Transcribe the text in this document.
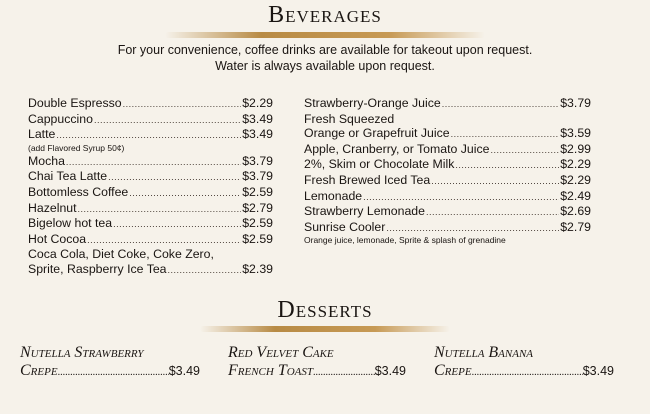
Beverages
For your convenience, coffee drinks are available for takeout upon request.
Water is always available upon request.
Double Espresso .....	$2.29
Cappuccino .....	$3.49
Latte .....	$3.49
(add Flavored Syrup 50¢)
Mocha .....	$3.79
Chai Tea Latte .....	$3.79
Bottomless Coffee .....	$2.59
Hazelnut .....	$2.79
Bigelow hot tea .....	$2.59
Hot Cocoa .....	$2.59
Coca Cola, Diet Coke, Coke Zero,
Sprite, Raspberry Ice Tea .....	$2.39
Strawberry-Orange Juice .....	$3.79
Fresh Squeezed
Orange or Grapefruit Juice .....	$3.59
Apple, Cranberry, or Tomato Juice .....	$2.99
2%, Skim or Chocolate Milk .....	$2.29
Fresh Brewed Iced Tea .....	$2.29
Lemonade .....	$2.49
Strawberry Lemonade .....	$2.69
Sunrise Cooler .....	$2.79
Orange juice, lemonade, Sprite & splash of grenadine
Desserts
Nutella Strawberry
Crepe .....	$3.49
Red Velvet Cake
French Toast .....	$3.49
Nutella Banana
Crepe .....	$3.49
